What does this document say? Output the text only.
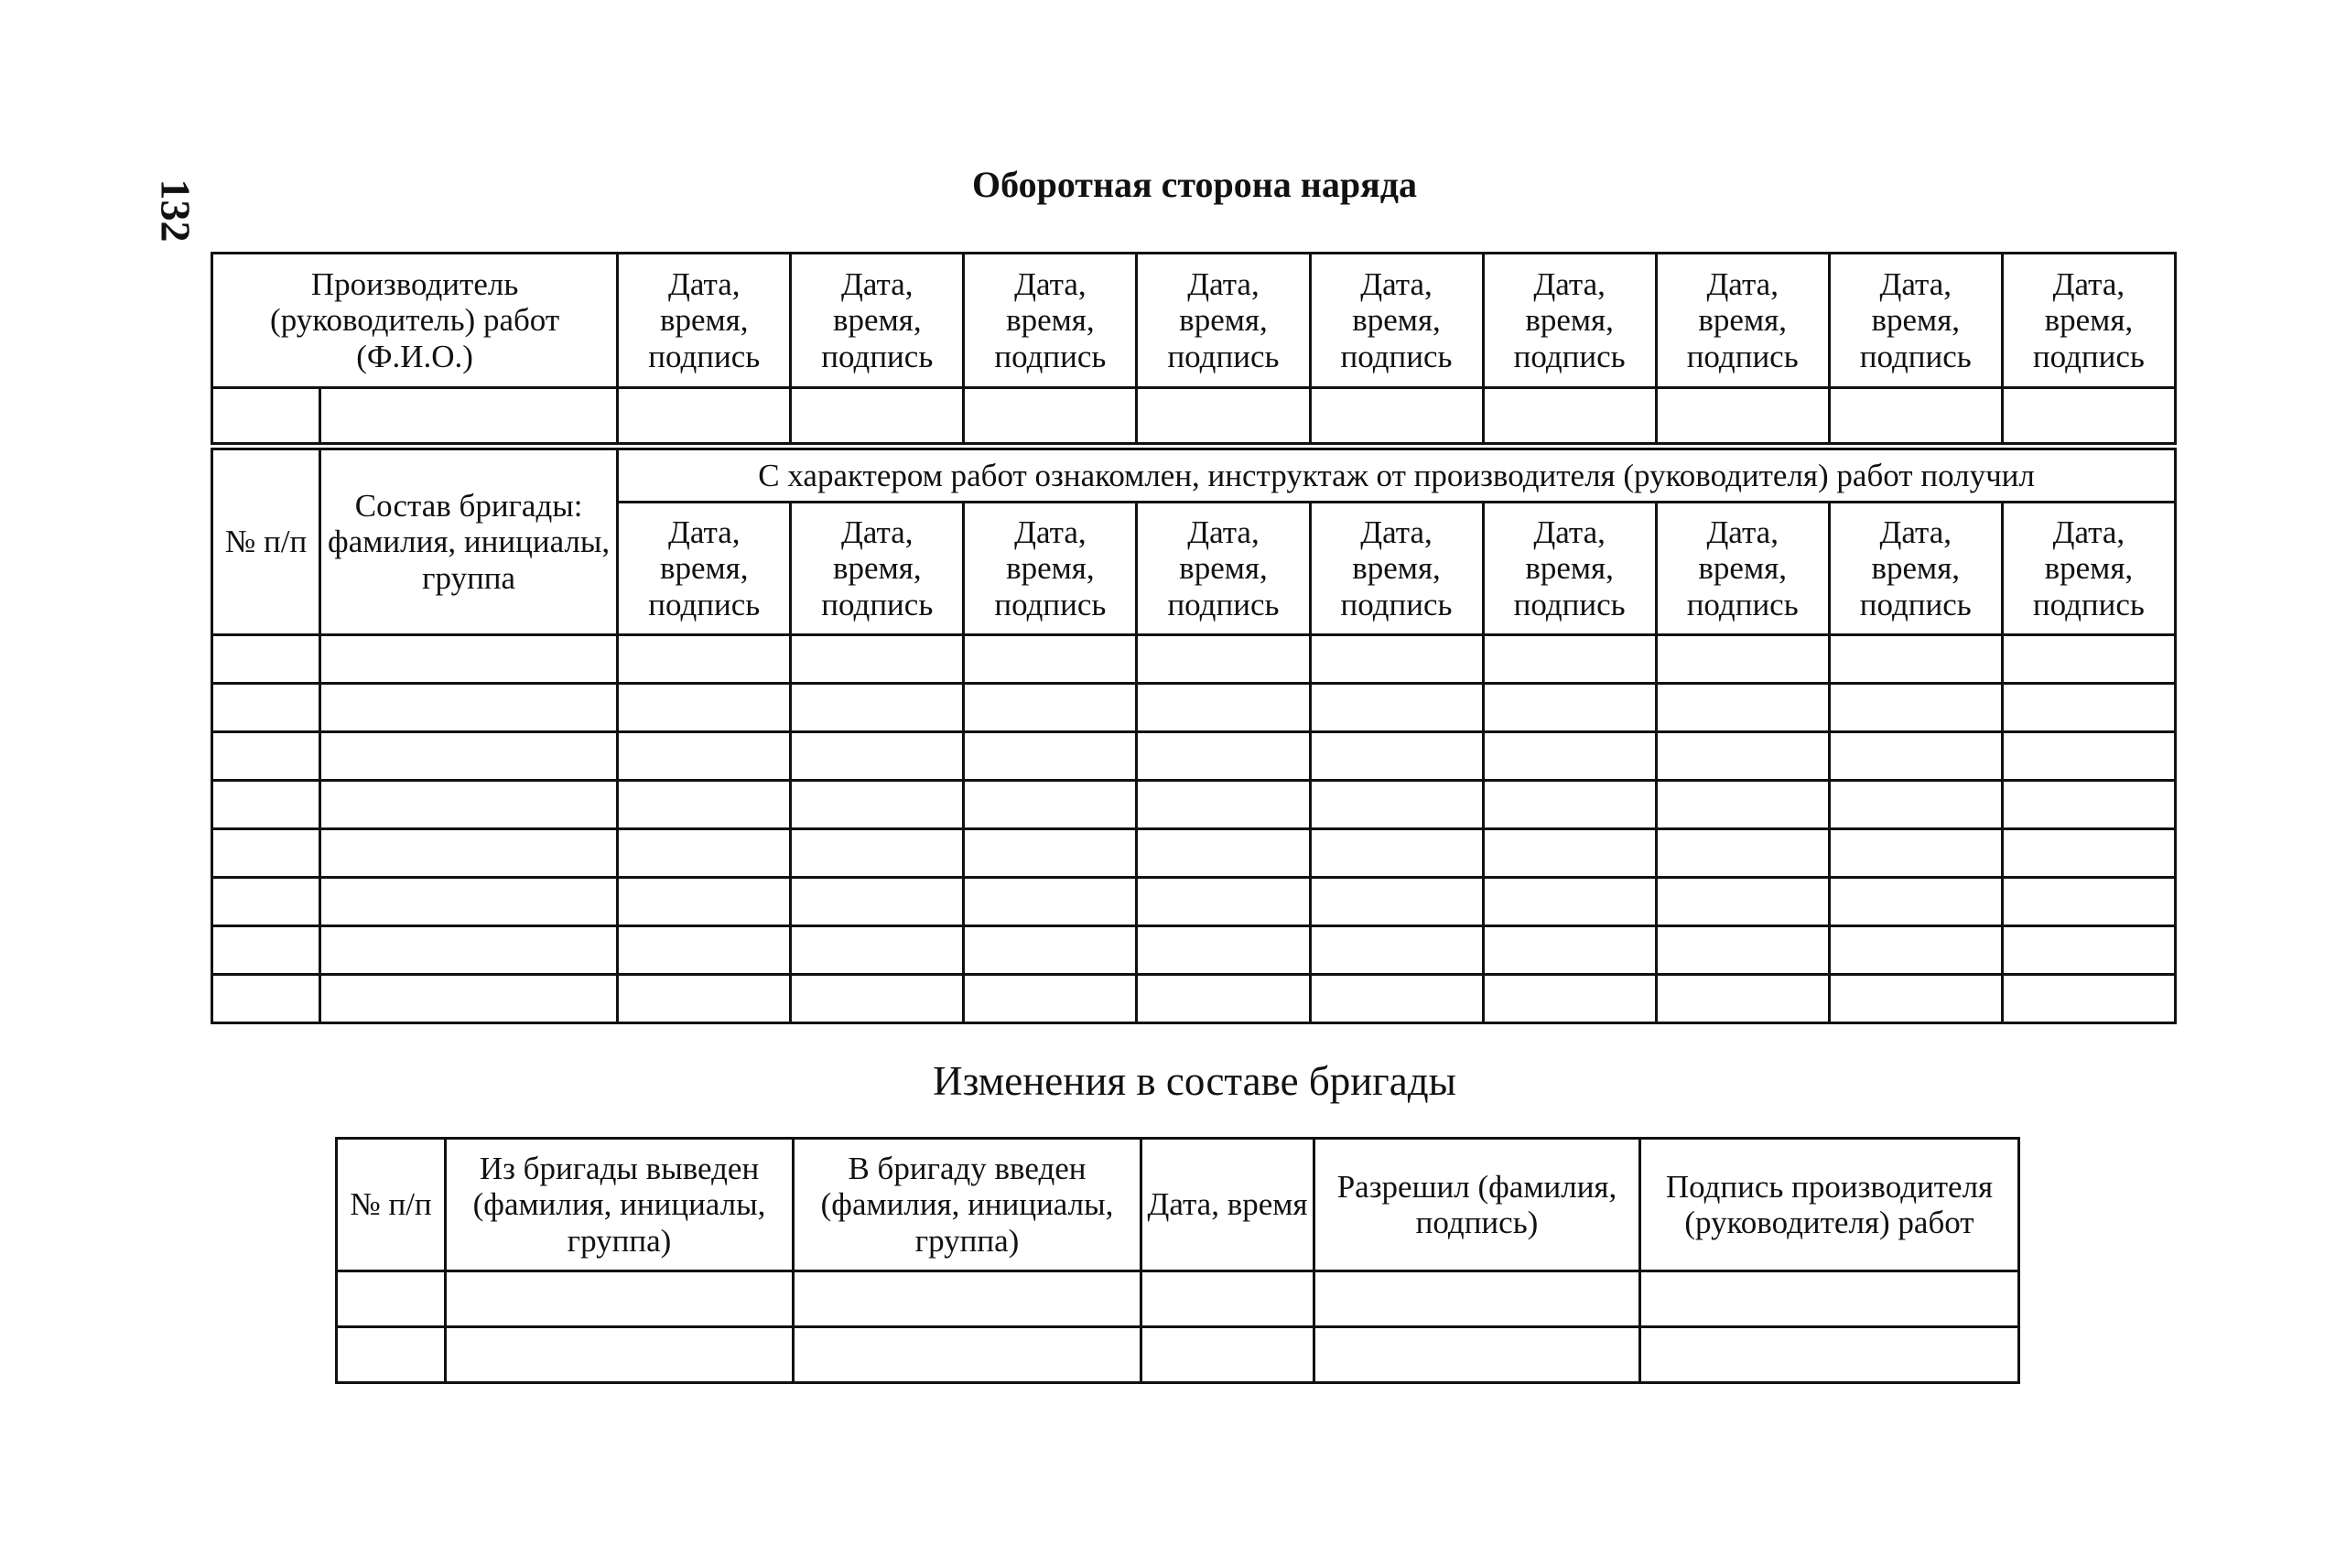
132	Оборотная сторона наряда
Производитель (руководитель) работ (Ф.И.О.)		Дата, время, подпись	Дата, время, подпись	Дата, время, подпись	Дата, время, подпись	Дата, время, подпись	Дата, время, подпись	Дата, время, подпись	Дата, время, подпись	Дата, время, подпись

№ п/п	Состав бригады: фамилия, инициалы, группа	С характером работ ознакомлен, инструктаж от производителя (руководителя) работ получил								
		Дата, время, подпись	Дата, время, подпись	Дата, время, подпись	Дата, время, подпись	Дата, время, подпись	Дата, время, подпись	Дата, время, подпись	Дата, время, подпись	Дата, время, подпись

Изменения в составе бригады
№ п/п	Из бригады выведен (фамилия, инициалы, группа)	В бригаду введен (фамилия, инициалы, группа)	Дата, время	Разрешил (фамилия, подпись)	Подпись производителя (руководителя) работ
